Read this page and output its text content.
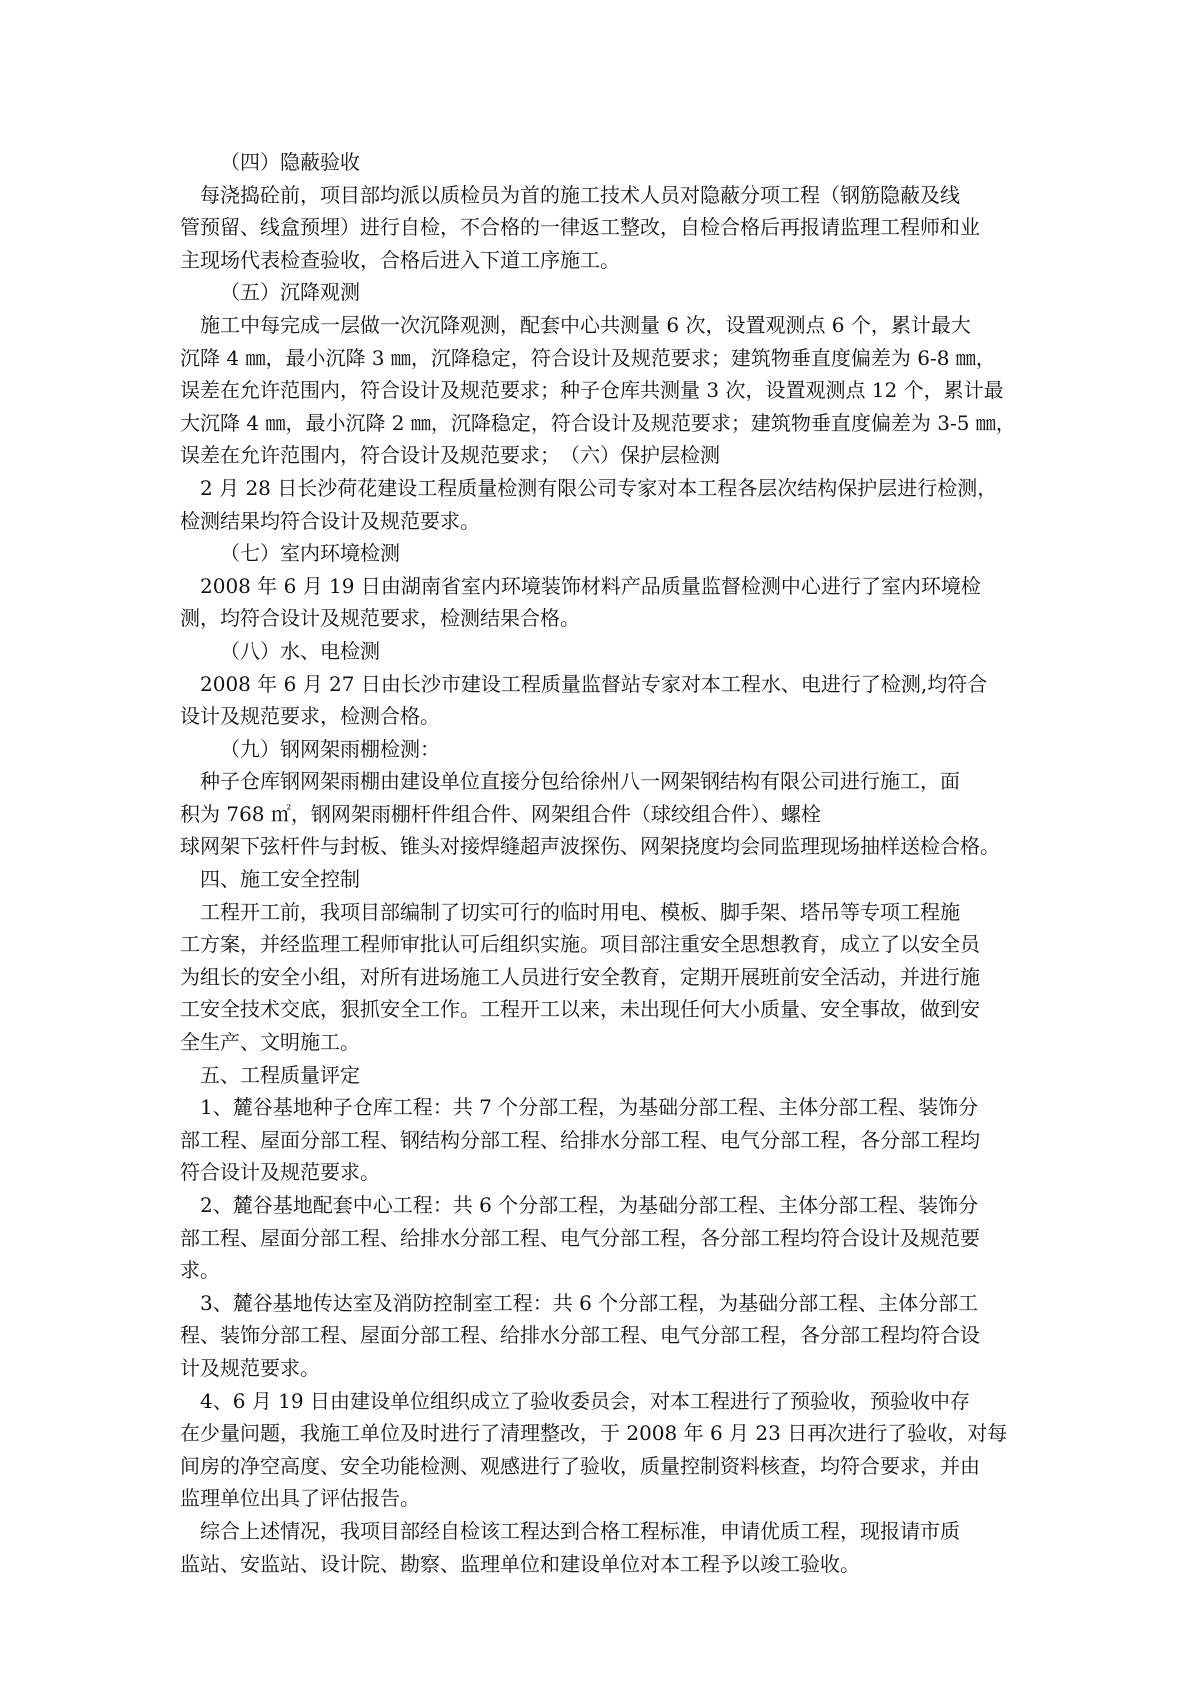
（四）隐蔽验收
每浇捣砼前，项目部均派以质检员为首的施工技术人员对隐蔽分项工程（钢筋隐蔽及线
管预留、线盒预埋）进行自检，不合格的一律返工整改，自检合格后再报请监理工程师和业
主现场代表检查验收，合格后进入下道工序施工。
（五）沉降观测
施工中每完成一层做一次沉降观测，配套中心共测量 6 次，设置观测点 6 个，累计最大
沉降 4 ㎜，最小沉降 3 ㎜，沉降稳定，符合设计及规范要求；建筑物垂直度偏差为 6-8 ㎜，
误差在允许范围内，符合设计及规范要求；种子仓库共测量 3 次，设置观测点 12 个，累计最
大沉降 4 ㎜，最小沉降 2 ㎜，沉降稳定，符合设计及规范要求；建筑物垂直度偏差为 3-5 ㎜，
误差在允许范围内，符合设计及规范要求；　（六）保护层检测
2 月 28 日长沙荷花建设工程质量检测有限公司专家对本工程各层次结构保护层进行检测，
检测结果均符合设计及规范要求。
（七）室内环境检测
2008 年 6 月 19 日由湖南省室内环境装饰材料产品质量监督检测中心进行了室内环境检
测，均符合设计及规范要求，检测结果合格。
（八）水、电检测
2008 年 6 月 27 日由长沙市建设工程质量监督站专家对本工程水、电进行了检测,均符合
设计及规范要求，检测合格。
（九）钢网架雨棚检测：
种子仓库钢网架雨棚由建设单位直接分包给徐州八一网架钢结构有限公司进行施工，面
积为 768 ㎡，钢网架雨棚杆件组合件、网架组合件（球绞组合件）、螺栓
球网架下弦杆件与封板、锥头对接焊缝超声波探伤、网架挠度均会同监理现场抽样送检合格。
四、施工安全控制
工程开工前，我项目部编制了切实可行的临时用电、模板、脚手架、塔吊等专项工程施
工方案，并经监理工程师审批认可后组织实施。项目部注重安全思想教育，成立了以安全员
为组长的安全小组，对所有进场施工人员进行安全教育，定期开展班前安全活动，并进行施
工安全技术交底，狠抓安全工作。工程开工以来，未出现任何大小质量、安全事故，做到安
全生产、文明施工。
五、工程质量评定
1、麓谷基地种子仓库工程：共 7 个分部工程，为基础分部工程、主体分部工程、装饰分
部工程、屋面分部工程、钢结构分部工程、给排水分部工程、电气分部工程，各分部工程均
符合设计及规范要求。
2、麓谷基地配套中心工程：共 6 个分部工程，为基础分部工程、主体分部工程、装饰分
部工程、屋面分部工程、给排水分部工程、电气分部工程，各分部工程均符合设计及规范要
求。
3、麓谷基地传达室及消防控制室工程：共 6 个分部工程，为基础分部工程、主体分部工
程、装饰分部工程、屋面分部工程、给排水分部工程、电气分部工程，各分部工程均符合设
计及规范要求。
4、6 月 19 日由建设单位组织成立了验收委员会，对本工程进行了预验收，预验收中存
在少量问题，我施工单位及时进行了清理整改，于 2008 年 6 月 23 日再次进行了验收，对每
间房的净空高度、安全功能检测、观感进行了验收，质量控制资料核查，均符合要求，并由
监理单位出具了评估报告。
综合上述情况，我项目部经自检该工程达到合格工程标准，申请优质工程，现报请市质
监站、安监站、设计院、勘察、监理单位和建设单位对本工程予以竣工验收。
